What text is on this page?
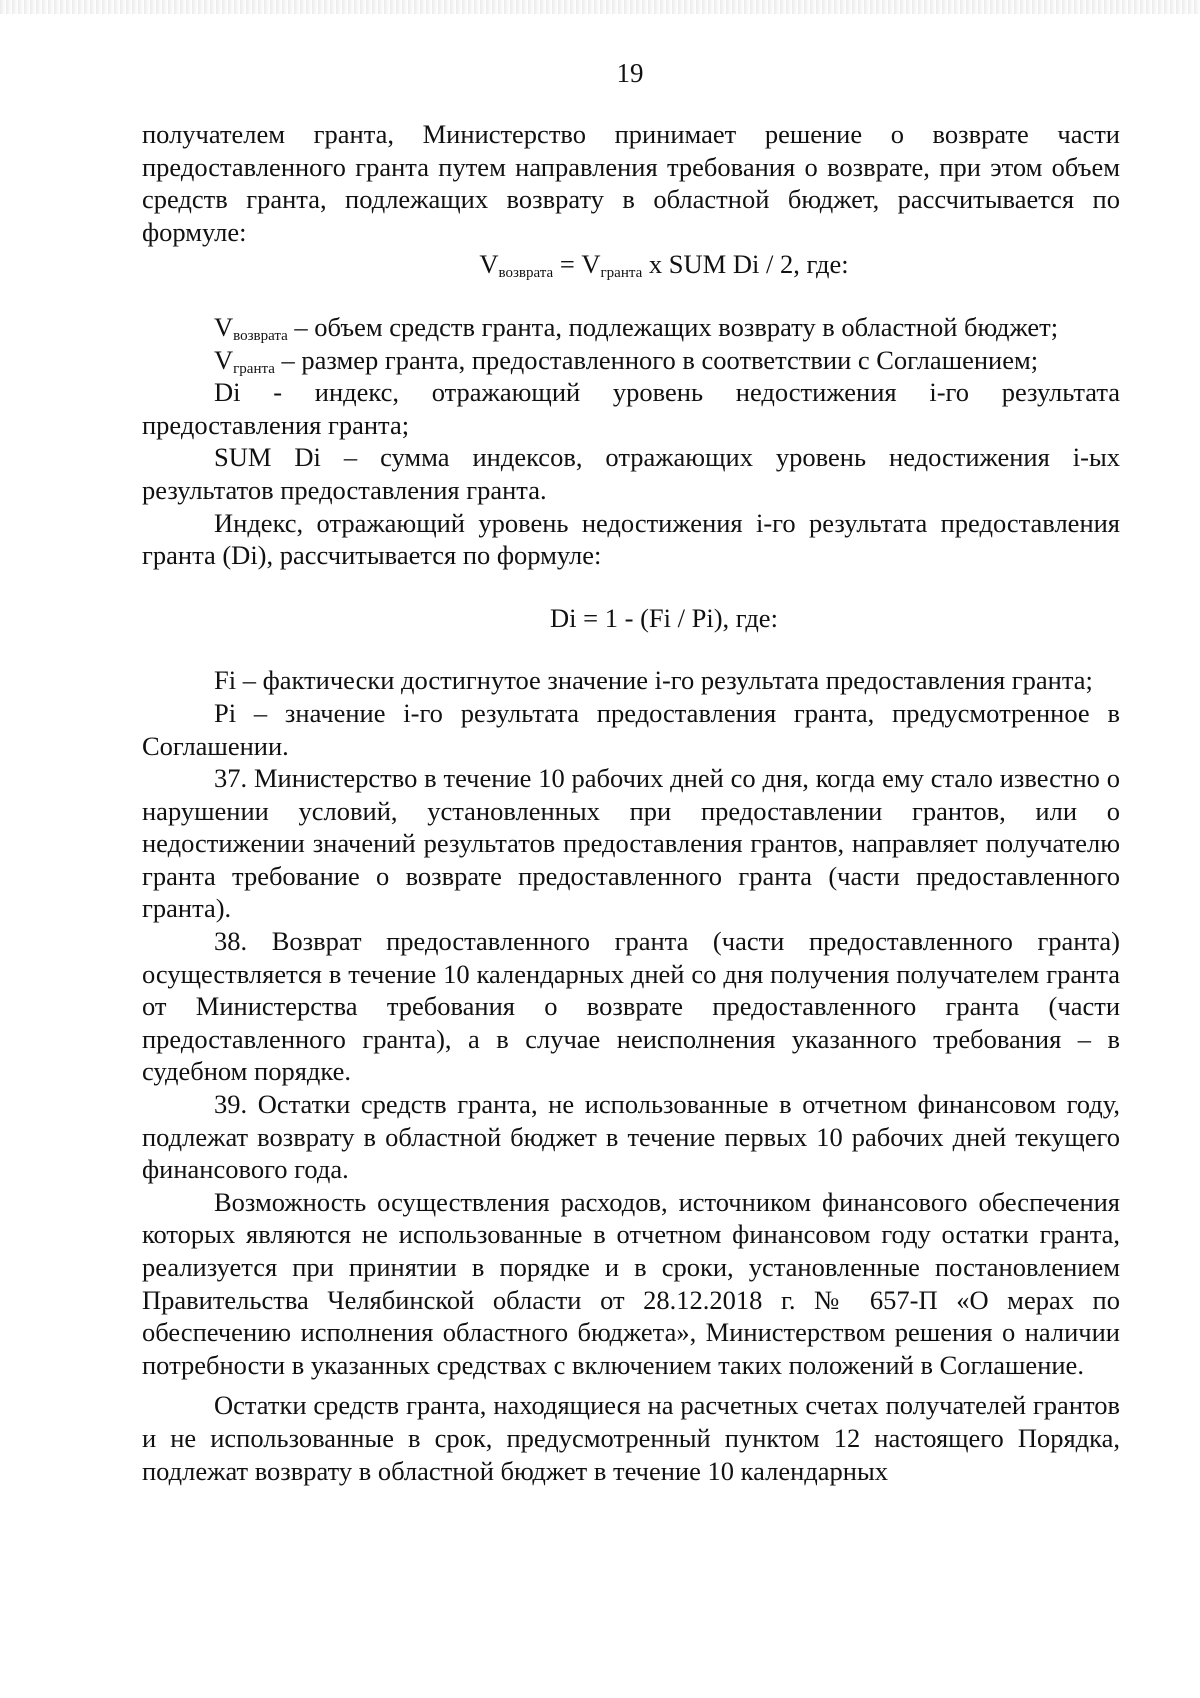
19

получателем гранта, Министерство принимает решение о возврате части предоставленного гранта путем направления требования о возврате, при этом объем средств гранта, подлежащих возврату в областной бюджет, рассчитывается по формуле:

$V_{возврата} = V_{гранта}$ x SUM Di / 2, где:

$V_{возврата}$ – объем средств гранта, подлежащих возврату в областной бюджет;

$V_{гранта}$ – размер гранта, предоставленного в соответствии с Соглашением;

Di - индекс, отражающий уровень недостижения i-го результата предоставления гранта;

SUM Di – сумма индексов, отражающих уровень недостижения i-ых результатов предоставления гранта.

Индекс, отражающий уровень недостижения i-го результата предоставления гранта (Di), рассчитывается по формуле:

Di = 1 - (Fi / Pi), где:

Fi – фактически достигнутое значение i-го результата предоставления гранта;

Pi – значение i-го результата предоставления гранта, предусмотренное в Соглашении.

37. Министерство в течение 10 рабочих дней со дня, когда ему стало известно о нарушении условий, установленных при предоставлении грантов, или о недостижении значений результатов предоставления грантов, направляет получателю гранта требование о возврате предоставленного гранта (части предоставленного гранта).

38. Возврат предоставленного гранта (части предоставленного гранта) осуществляется в течение 10 календарных дней со дня получения получателем гранта от Министерства требования о возврате предоставленного гранта (части предоставленного гранта), а в случае неисполнения указанного требования – в судебном порядке.

39. Остатки средств гранта, не использованные в отчетном финансовом году, подлежат возврату в областной бюджет в течение первых 10 рабочих дней текущего финансового года.

Возможность осуществления расходов, источником финансового обеспечения которых являются не использованные в отчетном финансовом году остатки гранта, реализуется при принятии в порядке и в сроки, установленные постановлением Правительства Челябинской области от 28.12.2018 г. № 657-П «О мерах по обеспечению исполнения областного бюджета», Министерством решения о наличии потребности в указанных средствах с включением таких положений в Соглашение.

Остатки средств гранта, находящиеся на расчетных счетах получателей грантов и не использованные в срок, предусмотренный пунктом 12 настоящего Порядка, подлежат возврату в областной бюджет в течение 10 календарных
